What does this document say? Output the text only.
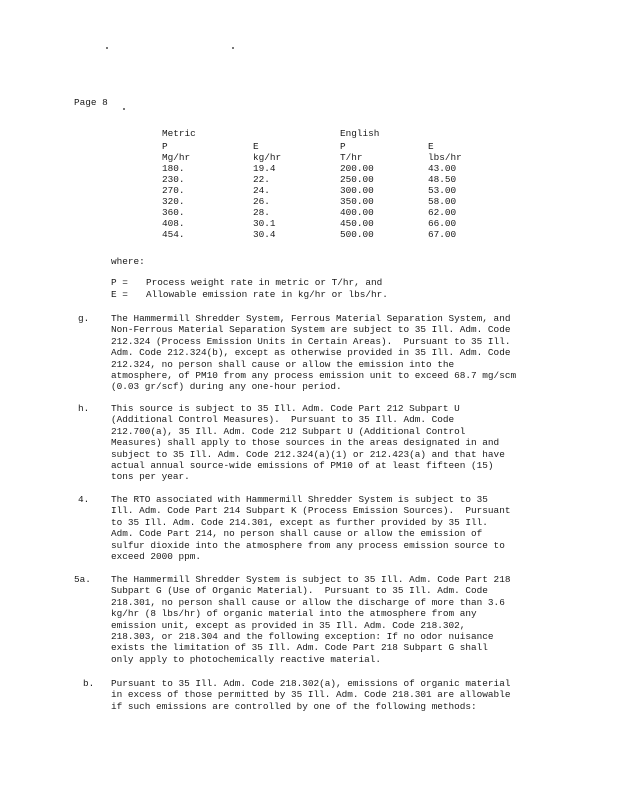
Page 8
Metric	English
P	E	P	E
Mg/hr	kg/hr	T/hr	lbs/hr
180.	19.4	200.00	43.00
230.	22.	250.00	48.50
270.	24.	300.00	53.00
320.	26.	350.00	58.00
360.	28.	400.00	62.00
408.	30.1	450.00	66.00
454.	30.4	500.00	67.00
where:
P = Process weight rate in metric or T/hr, and
E = Allowable emission rate in kg/hr or lbs/hr.
g. The Hammermill Shredder System, Ferrous Material Separation System, and
Non-Ferrous Material Separation System are subject to 35 Ill. Adm. Code
212.324 (Process Emission Units in Certain Areas).  Pursuant to 35 Ill.
Adm. Code 212.324(b), except as otherwise provided in 35 Ill. Adm. Code
212.324, no person shall cause or allow the emission into the
atmosphere, of PM10 from any process emission unit to exceed 68.7 mg/scm
(0.03 gr/scf) during any one-hour period.
h. This source is subject to 35 Ill. Adm. Code Part 212 Subpart U
(Additional Control Measures).  Pursuant to 35 Ill. Adm. Code
212.700(a), 35 Ill. Adm. Code 212 Subpart U (Additional Control
Measures) shall apply to those sources in the areas designated in and
subject to 35 Ill. Adm. Code 212.324(a)(1) or 212.423(a) and that have
actual annual source-wide emissions of PM10 of at least fifteen (15)
tons per year.
4. The RTO associated with Hammermill Shredder System is subject to 35
Ill. Adm. Code Part 214 Subpart K (Process Emission Sources).  Pursuant
to 35 Ill. Adm. Code 214.301, except as further provided by 35 Ill.
Adm. Code Part 214, no person shall cause or allow the emission of
sulfur dioxide into the atmosphere from any process emission source to
exceed 2000 ppm.
5a. The Hammermill Shredder System is subject to 35 Ill. Adm. Code Part 218
Subpart G (Use of Organic Material).  Pursuant to 35 Ill. Adm. Code
218.301, no person shall cause or allow the discharge of more than 3.6
kg/hr (8 lbs/hr) of organic material into the atmosphere from any
emission unit, except as provided in 35 Ill. Adm. Code 218.302,
218.303, or 218.304 and the following exception: If no odor nuisance
exists the limitation of 35 Ill. Adm. Code Part 218 Subpart G shall
only apply to photochemically reactive material.
b. Pursuant to 35 Ill. Adm. Code 218.302(a), emissions of organic material
in excess of those permitted by 35 Ill. Adm. Code 218.301 are allowable
if such emissions are controlled by one of the following methods:
